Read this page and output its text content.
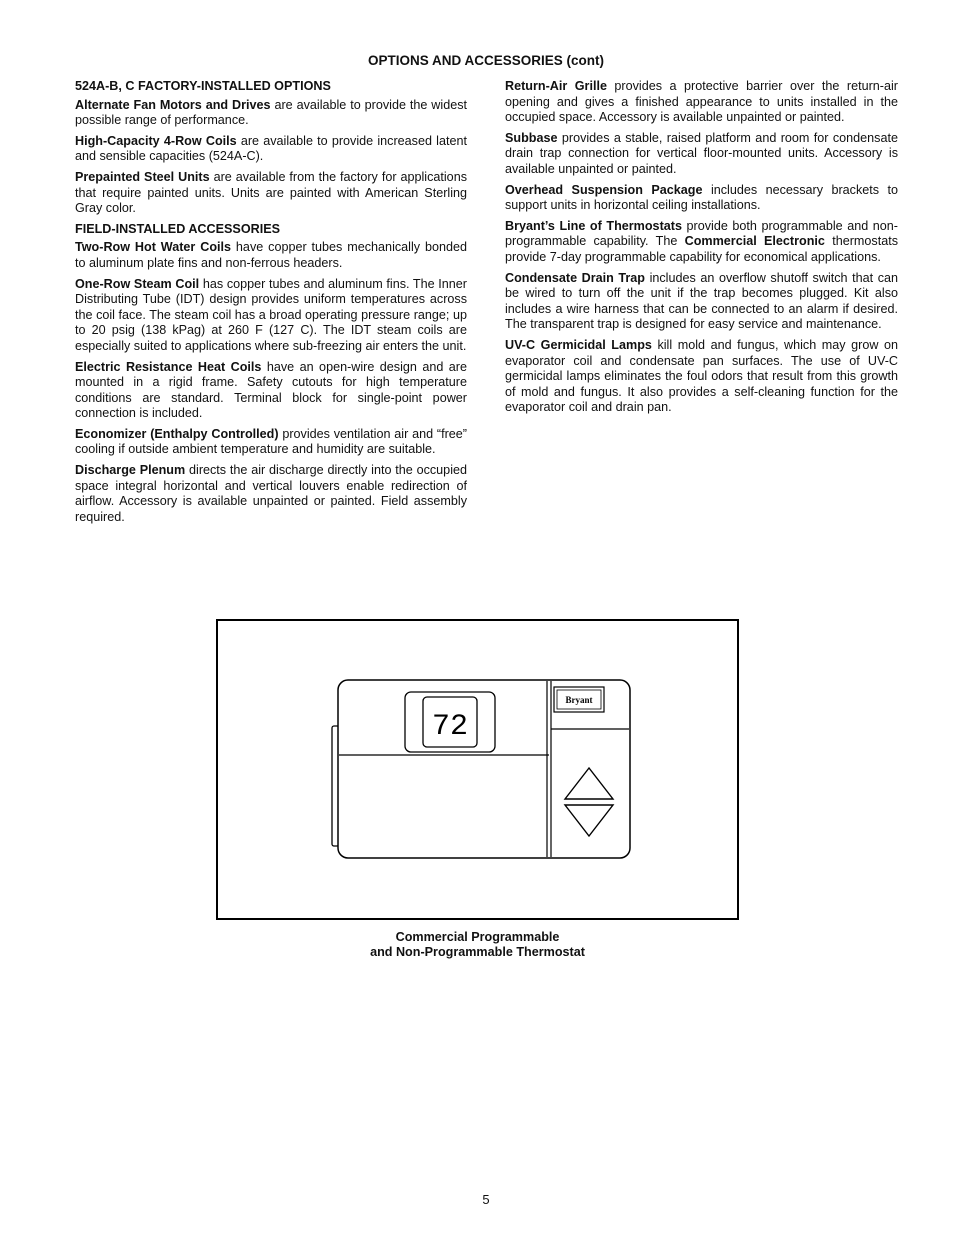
OPTIONS AND ACCESSORIES (cont)
524A-B, C FACTORY-INSTALLED OPTIONS

Alternate Fan Motors and Drives are available to provide the widest possible range of performance.

High-Capacity 4-Row Coils are available to provide increased latent and sensible capacities (524A-C).

Prepainted Steel Units are available from the factory for applications that require painted units. Units are painted with American Sterling Gray color.

FIELD-INSTALLED ACCESSORIES

Two-Row Hot Water Coils have copper tubes mechanically bonded to aluminum plate fins and non-ferrous headers.

One-Row Steam Coil has copper tubes and aluminum fins. The Inner Distributing Tube (IDT) design provides uniform temperatures across the coil face. The steam coil has a broad operating pressure range; up to 20 psig (138 kPag) at 260 F (127 C). The IDT steam coils are especially suited to applications where sub-freezing air enters the unit.

Electric Resistance Heat Coils have an open-wire design and are mounted in a rigid frame. Safety cutouts for high temperature conditions are standard. Terminal block for single-point power connection is included.

Economizer (Enthalpy Controlled) provides ventilation air and “free” cooling if outside ambient temperature and humidity are suitable.

Discharge Plenum directs the air discharge directly into the occupied space integral horizontal and vertical louvers enable redirection of airflow. Accessory is available unpainted or painted. Field assembly required.

Return-Air Grille provides a protective barrier over the return-air opening and gives a finished appearance to units installed in the occupied space. Accessory is available unpainted or painted.

Subbase provides a stable, raised platform and room for condensate drain trap connection for vertical floor-mounted units. Accessory is available unpainted or painted.

Overhead Suspension Package includes necessary brackets to support units in horizontal ceiling installations.

Bryant’s Line of Thermostats provide both programmable and non-programmable capability. The Commercial Electronic thermostats provide 7-day programmable capability for economical applications.

Condensate Drain Trap includes an overflow shutoff switch that can be wired to turn off the unit if the trap becomes plugged. Kit also includes a wire harness that can be connected to an alarm if desired. The transparent trap is designed for easy service and maintenance.

UV-C Germicidal Lamps kill mold and fungus, which may grow on evaporator coil and condensate pan surfaces. The use of UV-C germicidal lamps eliminates the foul odors that result from this growth of mold and fungus. It also provides a self-cleaning function for the evaporator coil and drain pan.

72
Bryant
Commercial Programmable
and Non-Programmable Thermostat
5
